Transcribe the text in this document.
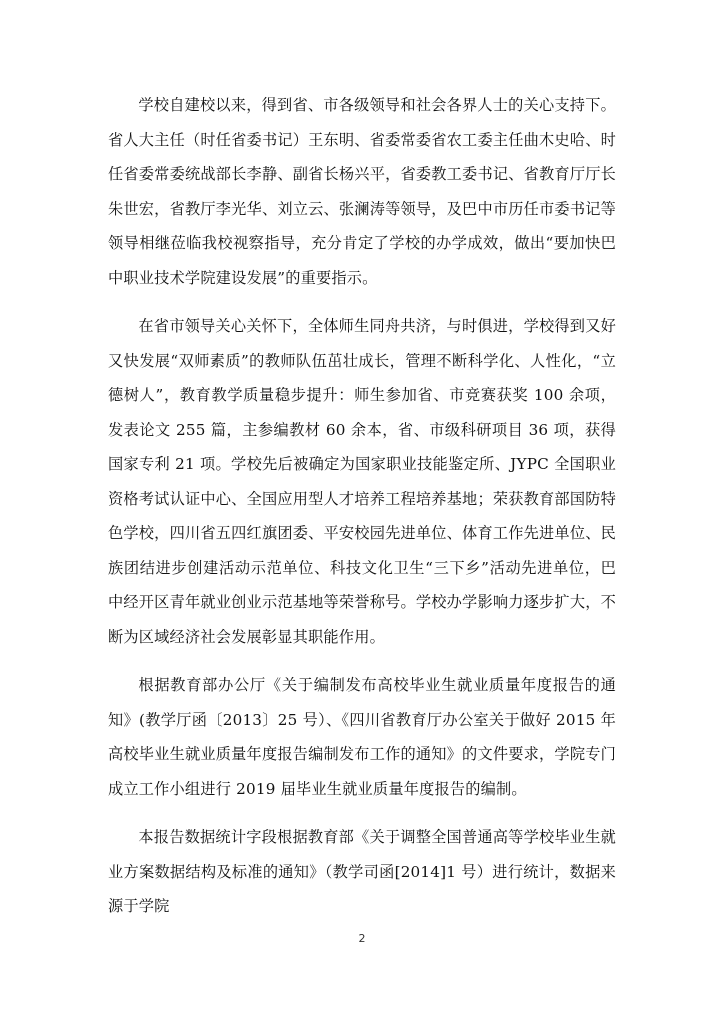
学校自建校以来，得到省、市各级领导和社会各界人士的关心支持下。省人大主任（时任省委书记）王东明、省委常委省农工委主任曲木史哈、时任省委常委统战部长李静、副省长杨兴平，省委教工委书记、省教育厅厅长朱世宏，省教厅李光华、刘立云、张澜涛等领导，及巴中市历任市委书记等领导相继莅临我校视察指导，充分肯定了学校的办学成效，做出“要加快巴中职业技术学院建设发展”的重要指示。

在省市领导关心关怀下，全体师生同舟共济，与时俱进，学校得到又好又快发展“双师素质”的教师队伍茁壮成长，管理不断科学化、人性化，“立德树人”，教育教学质量稳步提升：师生参加省、市竞赛获奖 100 余项，发表论文 255 篇，主参编教材 60 余本，省、市级科研项目 36 项，获得国家专利 21 项。学校先后被确定为国家职业技能鉴定所、JYPC 全国职业资格考试认证中心、全国应用型人才培养工程培养基地；荣获教育部国防特色学校，四川省五四红旗团委、平安校园先进单位、体育工作先进单位、民族团结进步创建活动示范单位、科技文化卫生“三下乡”活动先进单位，巴中经开区青年就业创业示范基地等荣誉称号。学校办学影响力逐步扩大，不断为区域经济社会发展彰显其职能作用。

根据教育部办公厅《关于编制发布高校毕业生就业质量年度报告的通知》(教学厅函〔2013〕25 号）、《四川省教育厅办公室关于做好 2015 年高校毕业生就业质量年度报告编制发布工作的通知》的文件要求，学院专门成立工作小组进行 2019 届毕业生就业质量年度报告的编制。

本报告数据统计字段根据教育部《关于调整全国普通高等学校毕业生就业方案数据结构及标准的通知》（教学司函[2014]1 号）进行统计，数据来源于学院

2
